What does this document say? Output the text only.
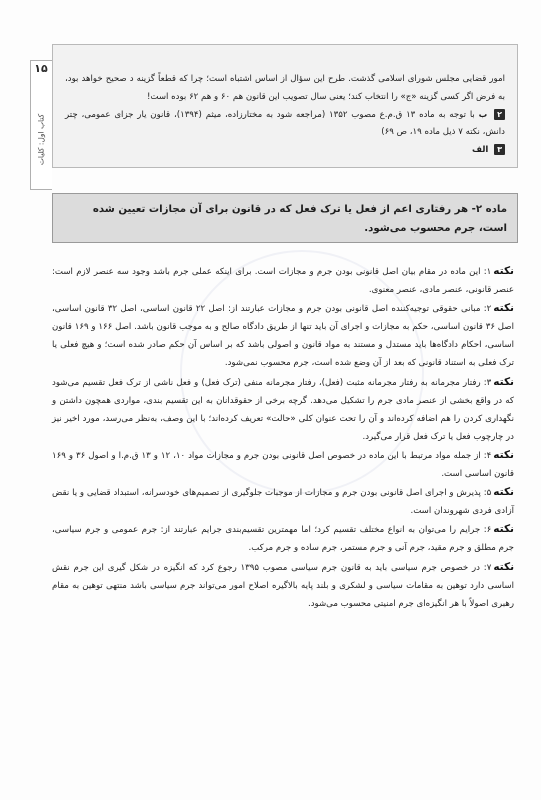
۱۵
کتاب اول: کلیات

امور قضایی مجلس شورای اسلامی گذشت. طرح این سؤال از اساس اشتباه است؛ چرا که قطعاً گزینه د صحیح خواهد بود، به فرض اگر کسی گزینه «ج» را انتخاب کند؛ یعنی سال تصویب این قانون هم ۶۰ و هم ۶۲ بوده است!

۲ ب با توجه به ماده ۱۳ ق.م.ع مصوب ۱۳۵۲ (مراجعه شود به مختارزاده، میثم (۱۳۹۴)، قانون یار جزای عمومی، چتر دانش، نکته ۷ ذیل ماده ۱۹، ص ۶۹)

۳ الف

ماده ۲- هر رفتاری اعم از فعل یا ترک فعل که در قانون برای آن مجازات تعیین شده است، جرم محسوب می‌شود.

نکته۱: این ماده در مقام بیان اصل قانونی بودن جرم و مجازات است. برای اینکه عملی جرم باشد وجود سه عنصر لازم است: عنصر قانونی، عنصر مادی، عنصر معنوی.

نکته۲: مبانی حقوقی توجیه‌کننده اصل قانونی بودن جرم و مجازات عبارتند از: اصل ۲۲ قانون اساسی، اصل ۳۲ قانون اساسی، اصل ۳۶ قانون اساسی، حکم به مجازات و اجرای آن باید تنها از طریق دادگاه صالح و به موجب قانون باشد. اصل ۱۶۶ و ۱۶۹ قانون اساسی، احکام دادگاه‌ها باید مستدل و مستند به مواد قانون و اصولی باشد که بر اساس آن حکم صادر شده است؛ و هیچ فعلی یا ترک فعلی به استناد قانونی که بعد از آن وضع شده است، جرم محسوب نمی‌شود.

نکته۳: رفتار مجرمانه به رفتار مجرمانه مثبت (فعل)، رفتار مجرمانه منفی (ترک فعل) و فعل ناشی از ترک فعل تقسیم می‌شود که در واقع بخشی از عنصر مادی جرم را تشکیل می‌دهد. گرچه برخی از حقوقدانان به این تقسیم بندی، مواردی همچون داشتن و نگهداری کردن را هم اضافه کرده‌اند و آن را تحت عنوان کلی «حالت» تعریف کرده‌اند؛ با این وصف، به‌نظر می‌رسد، مورد اخیر نیز در چارچوب فعل یا ترک فعل قرار می‌گیرد.

نکته۴: از جمله مواد مرتبط با این ماده در خصوص اصل قانونی بودن جرم و مجازات مواد ۱۰، ۱۲ و ۱۳ ق.م.ا و اصول ۳۶ و ۱۶۹ قانون اساسی است.

نکته۵: پذیرش و اجرای اصل قانونی بودن جرم و مجازات از موجبات جلوگیری از تصمیم‌های خودسرانه، استبداد قضایی و یا نقض آزادی فردی شهروندان است.

نکته۶: جرایم را می‌توان به انواع مختلف تقسیم کرد؛ اما مهمترین تقسیم‌بندی جرایم عبارتند از: جرم عمومی و جرم سیاسی، جرم مطلق و جرم مقید، جرم آنی و جرم مستمر، جرم ساده و جرم مرکب.

نکته۷: در خصوص جرم سیاسی باید به قانون جرم سیاسی مصوب ۱۳۹۵ رجوع کرد که انگیزه در شکل گیری این جرم نقش اساسی دارد توهین به مقامات سیاسی و لشکری و بلند پایه بالاگیره اصلاح امور می‌تواند جرم سیاسی باشد منتهی توهین به مقام رهبری اصولاً با هر انگیزه‌ای جرم امنیتی محسوب می‌شود.
